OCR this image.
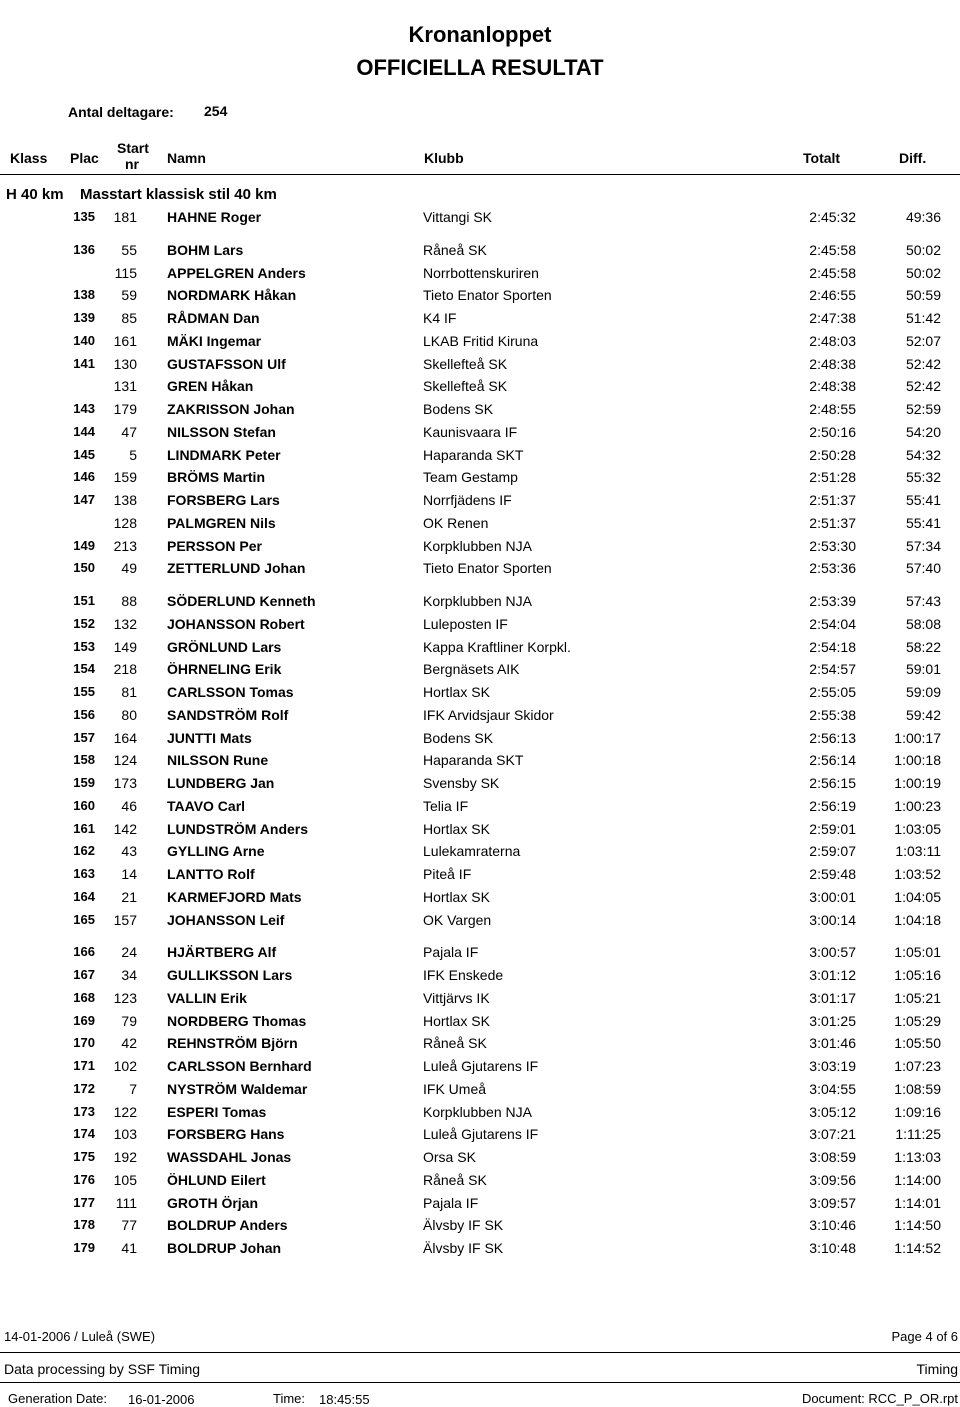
Kronanloppet
OFFICIELLA RESULTAT
Antal deltagare: 254
Klass Plac
Start
nr Namn	Klubb	Totalt	Diff.
H 40 km Masstart klassisk stil 40 km
135	181 HAHNE Roger	Vittangi SK	2:45:32	49:36
136	55 BOHM Lars	Råneå SK	2:45:58	50:02
115 APPELGREN Anders	Norrbottenskuriren	2:45:58	50:02
138	59 NORDMARK Håkan	Tieto Enator Sporten	2:46:55	50:59
139	85 RÅDMAN Dan	K4 IF	2:47:38	51:42
140	161 MÄKI Ingemar	LKAB Fritid Kiruna	2:48:03	52:07
141	130 GUSTAFSSON Ulf	Skellefteå SK	2:48:38	52:42
131 GREN Håkan	Skellefteå SK	2:48:38	52:42
143	179 ZAKRISSON Johan	Bodens SK	2:48:55	52:59
144	47 NILSSON Stefan	Kaunisvaara IF	2:50:16	54:20
145	5 LINDMARK Peter	Haparanda SKT	2:50:28	54:32
146	159 BRÖMS Martin	Team Gestamp	2:51:28	55:32
147	138 FORSBERG Lars	Norrfjädens IF	2:51:37	55:41
128 PALMGREN Nils	OK Renen	2:51:37	55:41
149	213 PERSSON Per	Korpklubben NJA	2:53:30	57:34
150	49 ZETTERLUND Johan	Tieto Enator Sporten	2:53:36	57:40
151	88 SÖDERLUND Kenneth	Korpklubben NJA	2:53:39	57:43
152	132 JOHANSSON Robert	Luleposten IF	2:54:04	58:08
153	149 GRÖNLUND Lars	Kappa Kraftliner Korpkl.	2:54:18	58:22
154	218 ÖHRNELING Erik	Bergnäsets AIK	2:54:57	59:01
155	81 CARLSSON Tomas	Hortlax SK	2:55:05	59:09
156	80 SANDSTRÖM Rolf	IFK Arvidsjaur Skidor	2:55:38	59:42
157	164 JUNTTI Mats	Bodens SK	2:56:13	1:00:17
158	124 NILSSON Rune	Haparanda SKT	2:56:14	1:00:18
159	173 LUNDBERG Jan	Svensby SK	2:56:15	1:00:19
160	46 TAAVO Carl	Telia IF	2:56:19	1:00:23
161	142 LUNDSTRÖM Anders	Hortlax SK	2:59:01	1:03:05
162	43 GYLLING Arne	Lulekamraterna	2:59:07	1:03:11
163	14 LANTTO Rolf	Piteå IF	2:59:48	1:03:52
164	21 KARMEFJORD Mats	Hortlax SK	3:00:01	1:04:05
165	157 JOHANSSON Leif	OK Vargen	3:00:14	1:04:18
166	24 HJÄRTBERG Alf	Pajala IF	3:00:57	1:05:01
167	34 GULLIKSSON Lars	IFK Enskede	3:01:12	1:05:16
168	123 VALLIN Erik	Vittjärvs IK	3:01:17	1:05:21
169	79 NORDBERG Thomas	Hortlax SK	3:01:25	1:05:29
170	42 REHNSTRÖM Björn	Råneå SK	3:01:46	1:05:50
171	102 CARLSSON Bernhard	Luleå Gjutarens IF	3:03:19	1:07:23
172	7 NYSTRÖM Waldemar	IFK Umeå	3:04:55	1:08:59
173	122 ESPERI Tomas	Korpklubben NJA	3:05:12	1:09:16
174	103 FORSBERG Hans	Luleå Gjutarens IF	3:07:21	1:11:25
175	192 WASSDAHL Jonas	Orsa SK	3:08:59	1:13:03
176	105 ÖHLUND Eilert	Råneå SK	3:09:56	1:14:00
177	111 GROTH Örjan	Pajala IF	3:09:57	1:14:01
178	77 BOLDRUP Anders	Älvsby IF SK	3:10:46	1:14:50
179	41 BOLDRUP Johan	Älvsby IF SK	3:10:48	1:14:52
14-01-2006 / Luleå (SWE)	Page 4 of 6
Data processing by SSF Timing	Timing
Generation Date: 16-01-2006	Time: 18:45:55	Document: RCC_P_OR.rpt
